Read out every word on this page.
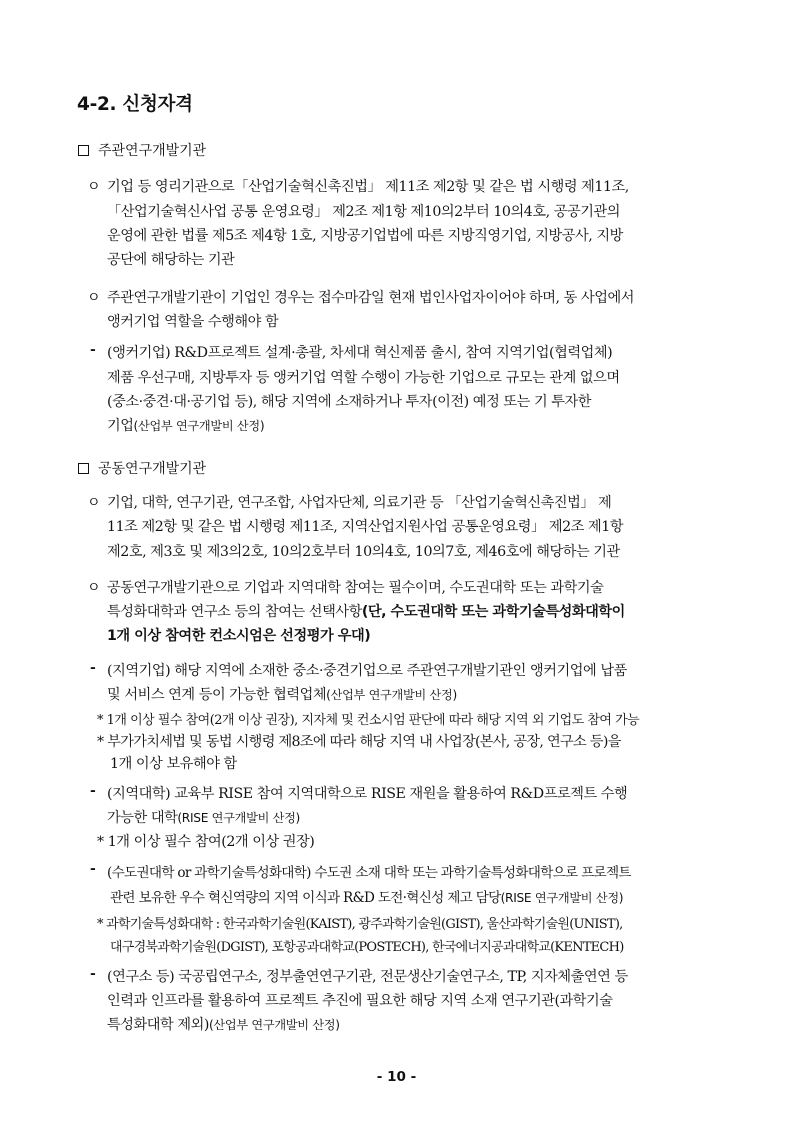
4-2. 신청자격
주관연구개발기관
ㅇ 기업 등 영리기관으로「산업기술혁신촉진법」 제11조 제2항 및 같은 법 시행령 제11조,
「산업기술혁신사업 공통 운영요령」 제2조 제1항 제10의2부터 10의4호, 공공기관의
운영에 관한 법률 제5조 제4항 1호, 지방공기업법에 따른 지방직영기업, 지방공사, 지방
공단에 해당하는 기관
ㅇ 주관연구개발기관이 기업인 경우는 접수마감일 현재 법인사업자이어야 하며, 동 사업에서
앵커기업 역할을 수행해야 함
- (앵커기업) R&D프로젝트 설계·총괄, 차세대 혁신제품 출시, 참여 지역기업(협력업체)
제품 우선구매, 지방투자 등 앵커기업 역할 수행이 가능한 기업으로 규모는 관계 없으며
(중소·중견·대·공기업 등), 해당 지역에 소재하거나 투자(이전) 예정 또는 기 투자한
기업(산업부 연구개발비 산정)
공동연구개발기관
ㅇ 기업, 대학, 연구기관, 연구조합, 사업자단체, 의료기관 등 「산업기술혁신촉진법」 제
11조 제2항 및 같은 법 시행령 제11조, 지역산업지원사업 공통운영요령」 제2조 제1항
제2호, 제3호 및 제3의2호, 10의2호부터 10의4호, 10의7호, 제46호에 해당하는 기관
ㅇ 공동연구개발기관으로 기업과 지역대학 참여는 필수이며, 수도권대학 또는 과학기술
특성화대학과 연구소 등의 참여는 선택사항(단, 수도권대학 또는 과학기술특성화대학이
1개 이상 참여한 컨소시엄은 선정평가 우대)
- (지역기업) 해당 지역에 소재한 중소·중견기업으로 주관연구개발기관인 앵커기업에 납품
및 서비스 연계 등이 가능한 협력업체(산업부 연구개발비 산정)
* 1개 이상 필수 참여(2개 이상 권장), 지자체 및 컨소시엄 판단에 따라 해당 지역 외 기업도 참여 가능
* 부가가치세법 및 동법 시행령 제8조에 따라 해당 지역 내 사업장(본사, 공장, 연구소 등)을
1개 이상 보유해야 함
- (지역대학) 교육부 RISE 참여 지역대학으로 RISE 재원을 활용하여 R&D프로젝트 수행
가능한 대학(RISE 연구개발비 산정)
* 1개 이상 필수 참여(2개 이상 권장)
- (수도권대학 or 과학기술특성화대학) 수도권 소재 대학 또는 과학기술특성화대학으로 프로젝트
관련 보유한 우수 혁신역량의 지역 이식과 R&D 도전·혁신성 제고 담당(RISE 연구개발비 산정)
* 과학기술특성화대학 : 한국과학기술원(KAIST), 광주과학기술원(GIST), 울산과학기술원(UNIST),
대구경북과학기술원(DGIST), 포항공과대학교(POSTECH), 한국에너지공과대학교(KENTECH)
- (연구소 등) 국공립연구소, 정부출연연구기관, 전문생산기술연구소, TP, 지자체출연연 등
인력과 인프라를 활용하여 프로젝트 추진에 필요한 해당 지역 소재 연구기관(과학기술
특성화대학 제외)(산업부 연구개발비 산정)
- 10 -
